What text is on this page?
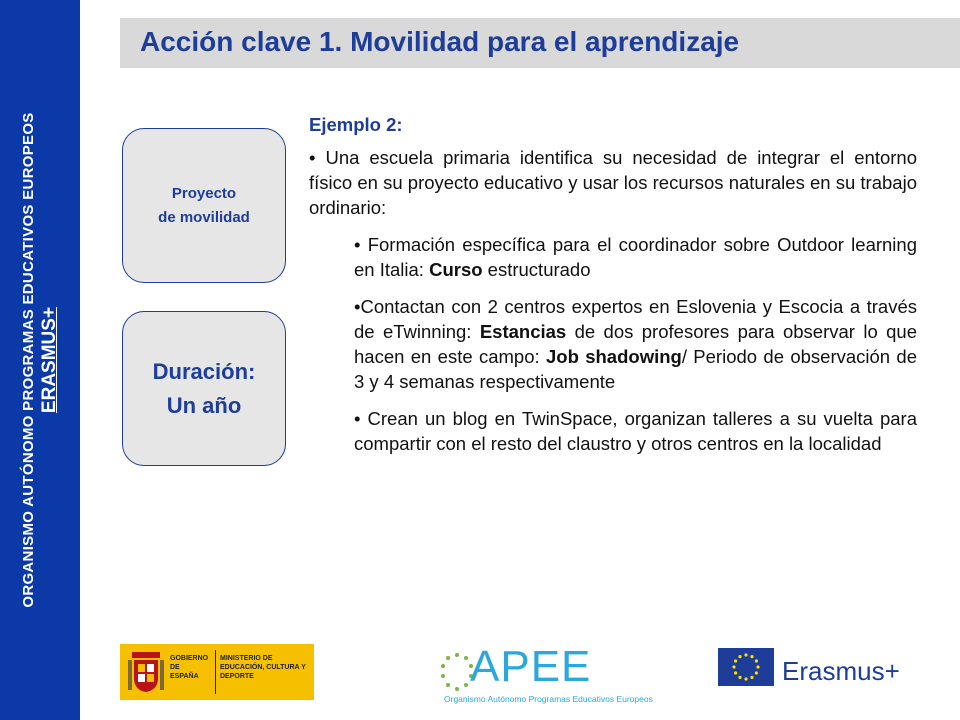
ORGANISMO AUTÓNOMO PROGRAMAS EDUCATIVOS EUROPEOS ERASMUS+
Acción clave 1. Movilidad para el aprendizaje
Proyecto
de movilidad
Duración:
Un año
Ejemplo 2:

• Una escuela primaria identifica su necesidad de integrar el entorno físico en su proyecto educativo y usar los recursos naturales en su trabajo ordinario:

• Formación específica para el coordinador sobre Outdoor learning en Italia: Curso estructurado
•Contactan con 2 centros expertos en Eslovenia y Escocia a través de eTwinning: Estancias de dos profesores para observar lo que hacen en este campo: Job shadowing/ Periodo de observación de 3 y 4 semanas respectivamente
• Crean un blog en TwinSpace, organizan talleres a su vuelta para compartir con el resto del claustro y otros centros en la localidad
GOBIERNO DE ESPAÑA
MINISTERIO DE EDUCACIÓN, CULTURA Y DEPORTE	APEE
Organismo Autónomo Programas Educativos Europeos
Erasmus+
